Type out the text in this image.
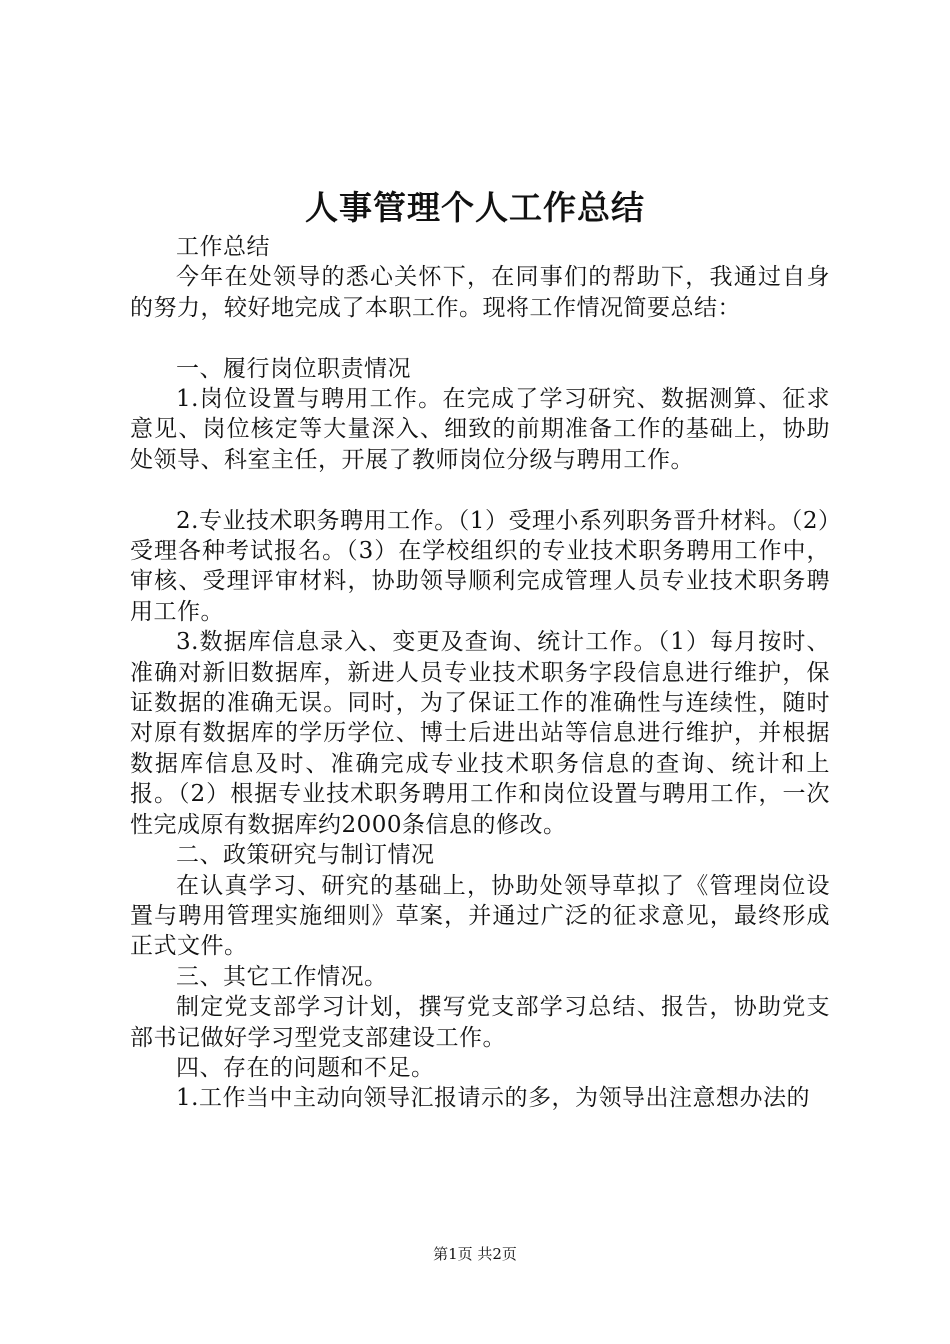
人事管理个人工作总结

工作总结

今年在处领导的悉心关怀下，在同事们的帮助下，我通过自身的努力，较好地完成了本职工作。现将工作情况简要总结：

一、履行岗位职责情况

1.岗位设置与聘用工作。在完成了学习研究、数据测算、征求意见、岗位核定等大量深入、细致的前期准备工作的基础上，协助处领导、科室主任，开展了教师岗位分级与聘用工作。

2.专业技术职务聘用工作。（1）受理小系列职务晋升材料。（2）受理各种考试报名。（3）在学校组织的专业技术职务聘用工作中，审核、受理评审材料，协助领导顺利完成管理人员专业技术职务聘用工作。

3.数据库信息录入、变更及查询、统计工作。（1）每月按时、准确对新旧数据库，新进人员专业技术职务字段信息进行维护，保证数据的准确无误。同时，为了保证工作的准确性与连续性，随时对原有数据库的学历学位、博士后进出站等信息进行维护，并根据数据库信息及时、准确完成专业技术职务信息的查询、统计和上报。（2）根据专业技术职务聘用工作和岗位设置与聘用工作，一次性完成原有数据库约2000条信息的修改。

二、政策研究与制订情况

在认真学习、研究的基础上，协助处领导草拟了《管理岗位设置与聘用管理实施细则》草案，并通过广泛的征求意见，最终形成正式文件。

三、其它工作情况。

制定党支部学习计划，撰写党支部学习总结、报告，协助党支部书记做好学习型党支部建设工作。

四、存在的问题和不足。

1.工作当中主动向领导汇报请示的多，为领导出注意想办法的

第1页 共2页
